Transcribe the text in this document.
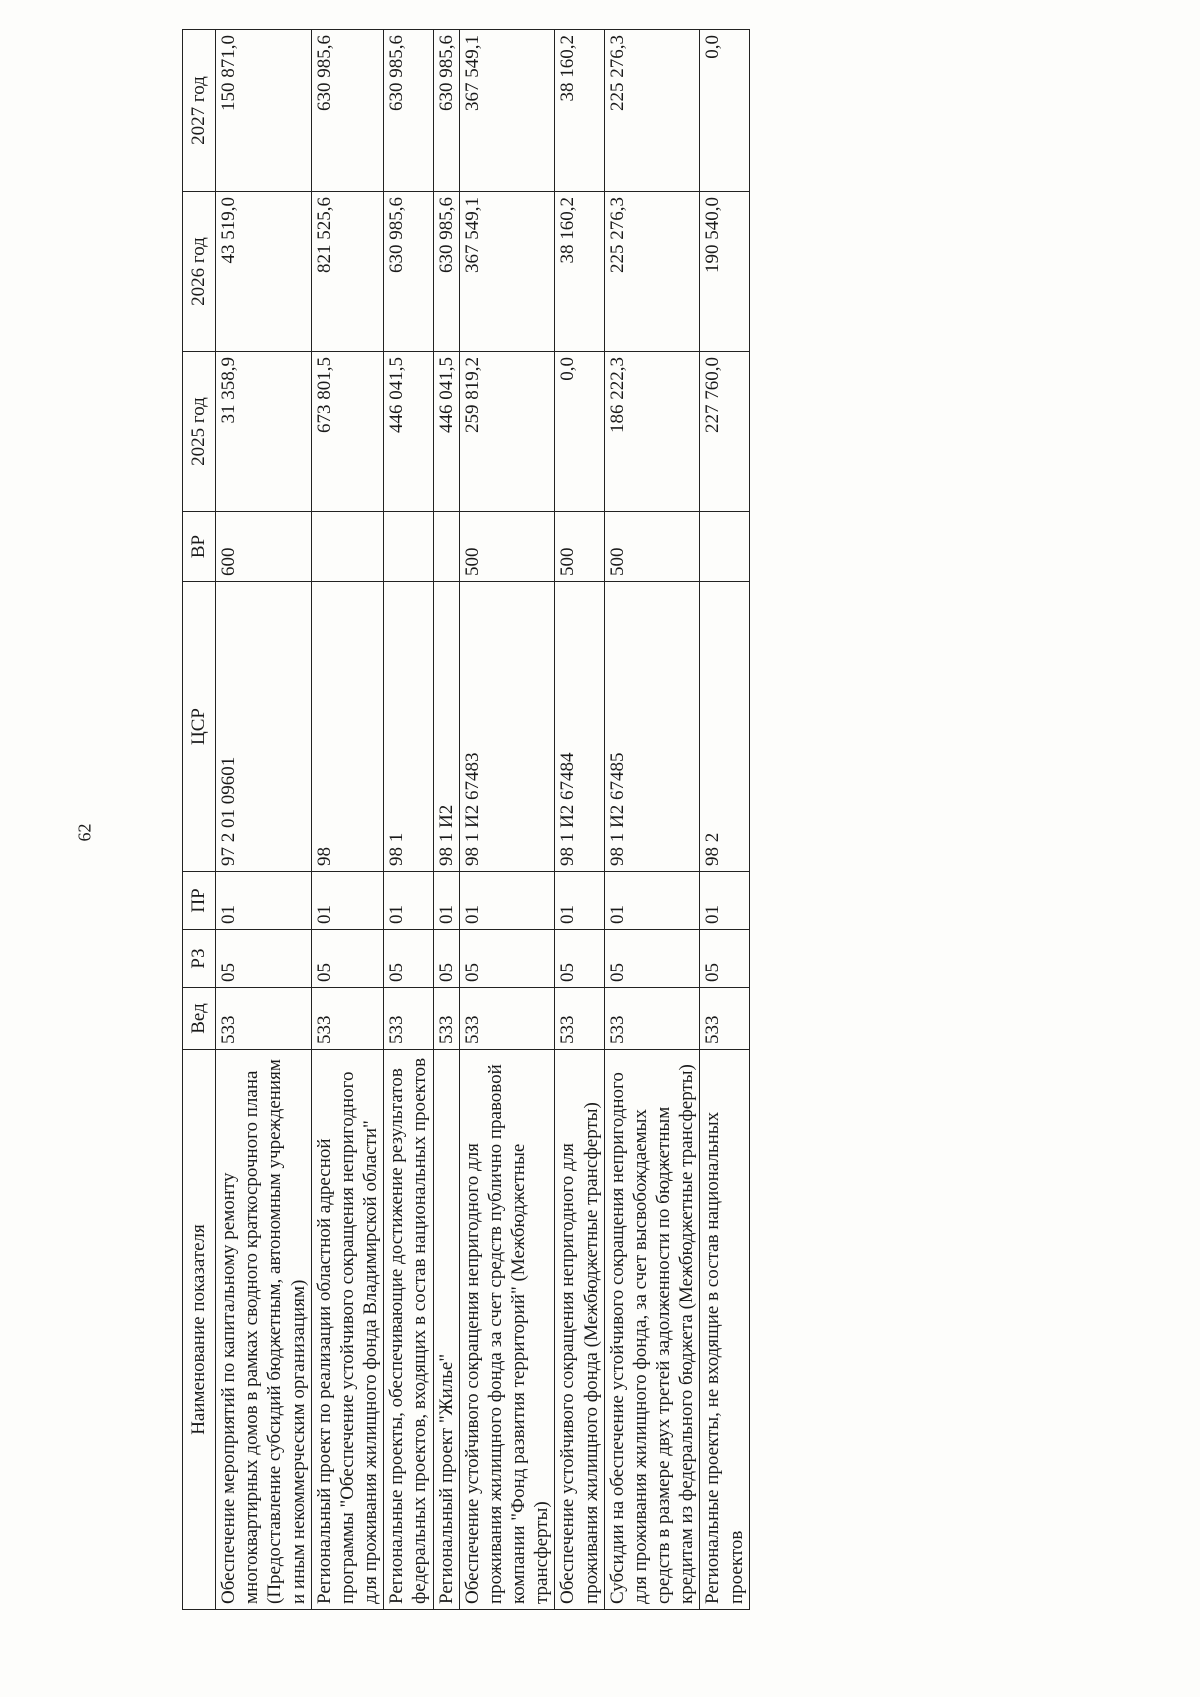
62
Наименование показателя	Вед	РЗ	ПР	ЦСР	ВР	2025 год	2026 год	2027 год
Обеспечение мероприятий по капитальному ремонту многоквартирных домов в рамках сводного краткосрочного плана (Предоставление субсидий бюджетным, автономным учреждениям и иным некоммерческим организациям)	533	05	01	97 2 01 09601	600	31 358,9	43 519,0	150 871,0
Региональный проект по реализации областной адресной программы "Обеспечение устойчивого сокращения непригодного для проживания жилищного фонда Владимирской области"	533	05	01	98		673 801,5	821 525,6	630 985,6
Региональные проекты, обеспечивающие достижение результатов федеральных проектов, входящих в состав национальных проектов	533	05	01	98 1		446 041,5	630 985,6	630 985,6
Региональный проект "Жилье"	533	05	01	98 1 И2		446 041,5	630 985,6	630 985,6
Обеспечение устойчивого сокращения непригодного для проживания жилищного фонда за счет средств публично правовой компании "Фонд развития территорий" (Межбюджетные трансферты)	533	05	01	98 1 И2 67483	500	259 819,2	367 549,1	367 549,1
Обеспечение устойчивого сокращения непригодного для проживания жилищного фонда (Межбюджетные трансферты)	533	05	01	98 1 И2 67484	500	0,0	38 160,2	38 160,2
Субсидии на обеспечение устойчивого сокращения непригодного для проживания жилищного фонда, за счет высвобождаемых средств в размере двух третей задолженности по бюджетным кредитам из федерального бюджета (Межбюджетные трансферты)	533	05	01	98 1 И2 67485	500	186 222,3	225 276,3	225 276,3
Региональные проекты, не входящие в состав национальных проектов	533	05	01	98 2		227 760,0	190 540,0	0,0
